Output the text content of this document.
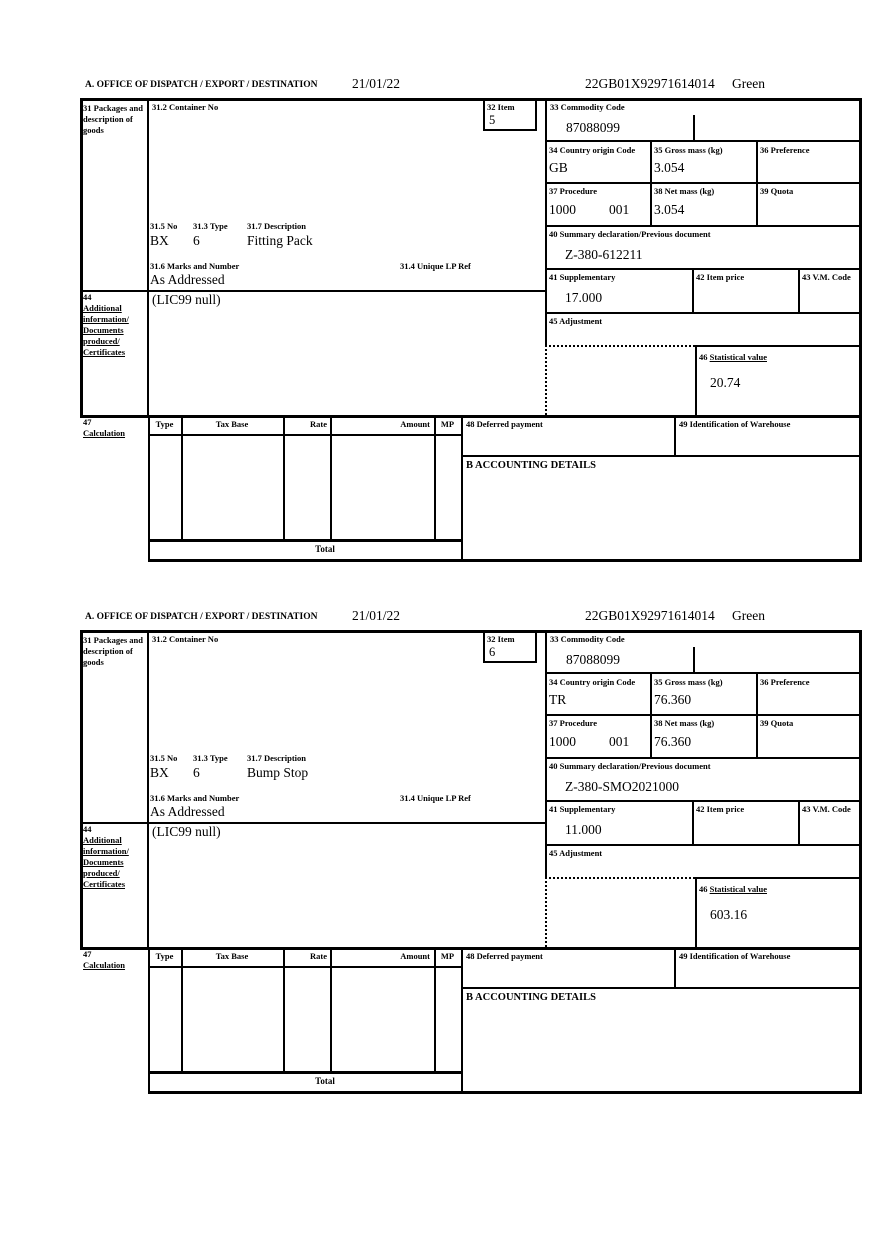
A. OFFICE OF DISPATCH / EXPORT / DESTINATION	21/01/22	22GB01X92971614014 Green
31 Packages and description of goods
44
Additional information/ Documents produced/ Certificates
47
Calculation
31.2 Container No	32 Item
5
31.5 No 31.3 Type 31.7 Description
BX 6	Fitting Pack
31.6 Marks and Number	31.4 Unique LP Ref
As Addressed
(LIC99 null)
33 Commodity Code
87088099
34 Country origin Code
GB
35 Gross mass (kg)
3.054
36 Preference
37 Procedure
1000 001
38 Net mass (kg)
3.054
39 Quota
40 Summary declaration/Previous document
Z-380-612211
41 Supplementary
17.000
42 Item price	43 V.M. Code
45 Adjustment
46 Statistical value
20.74
Type	Tax Base	Rate	Amount	MP	48 Deferred payment	49 Identification of Warehouse
B ACCOUNTING DETAILS
Total
A. OFFICE OF DISPATCH / EXPORT / DESTINATION	21/01/22	22GB01X92971614014 Green
31 Packages and description of goods
44
Additional information/ Documents produced/ Certificates
47
Calculation
31.2 Container No	32 Item
6
31.5 No 31.3 Type 31.7 Description
BX 6	Bump Stop
31.6 Marks and Number	31.4 Unique LP Ref
As Addressed
(LIC99 null)
33 Commodity Code
87088099
34 Country origin Code
TR
35 Gross mass (kg)
76.360
36 Preference
37 Procedure
1000 001
38 Net mass (kg)
76.360
39 Quota
40 Summary declaration/Previous document
Z-380-SMO2021000
41 Supplementary
11.000
42 Item price	43 V.M. Code
45 Adjustment
46 Statistical value
603.16
Type	Tax Base	Rate	Amount	MP	48 Deferred payment	49 Identification of Warehouse
B ACCOUNTING DETAILS
Total
